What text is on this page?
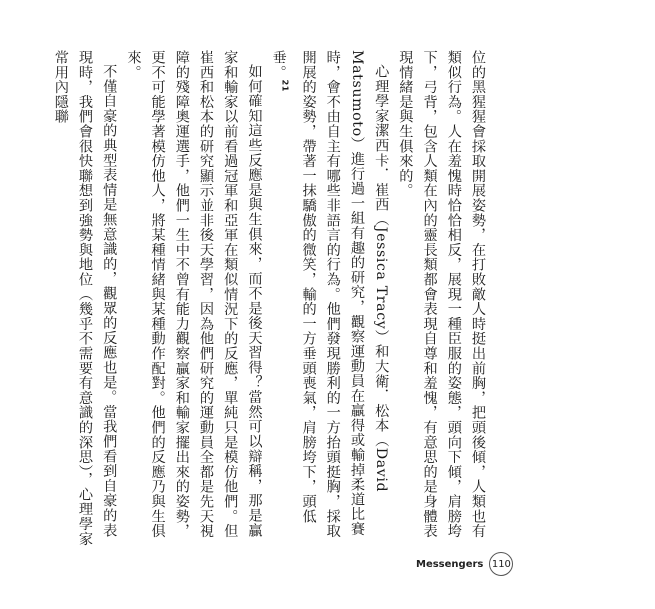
位的黑猩猩會採取開展姿勢，在打敗敵人時挺出前胸，把頭後傾，人類也有類似行為。人在羞愧時恰恰相反，展現一種臣服的姿態，頭向下傾，肩膀垮下，弓背，包含人類在內的靈長類都會表現自尊和羞愧，有意思的是身體表現情緒是與生俱來的。

心理學家潔西卡．崔西（Jessica Tracy）和大衛．松本（David Matsumoto）進行過一組有趣的研究，觀察運動員在贏得或輸掉柔道比賽時，會不由自主有哪些非語言的行為。他們發現勝利的一方抬頭挺胸，採取開展的姿勢，帶著一抹驕傲的微笑，輸的一方垂頭喪氣，肩膀垮下，頭低垂。$^{21}$

如何確知這些反應是與生俱來，而不是後天習得？當然可以辯稱，那是贏家和輸家以前看過冠軍和亞軍在類似情況下的反應，單純只是模仿他們。但崔西和松本的研究顯示並非後天學習，因為他們研究的運動員全都是先天視障的殘障奧運選手，他們一生中不曾有能力觀察贏家和輸家擺出來的姿勢，更不可能學著模仿他人，將某種情緒與某種動作配對。他們的反應乃與生俱來。

不僅自豪的典型表情是無意識的，觀眾的反應也是。當我們看到自豪的表現時，我們會很快聯想到強勢與地位（幾乎不需要有意識的深思），心理學家常用內隱聯

Messengers 110
